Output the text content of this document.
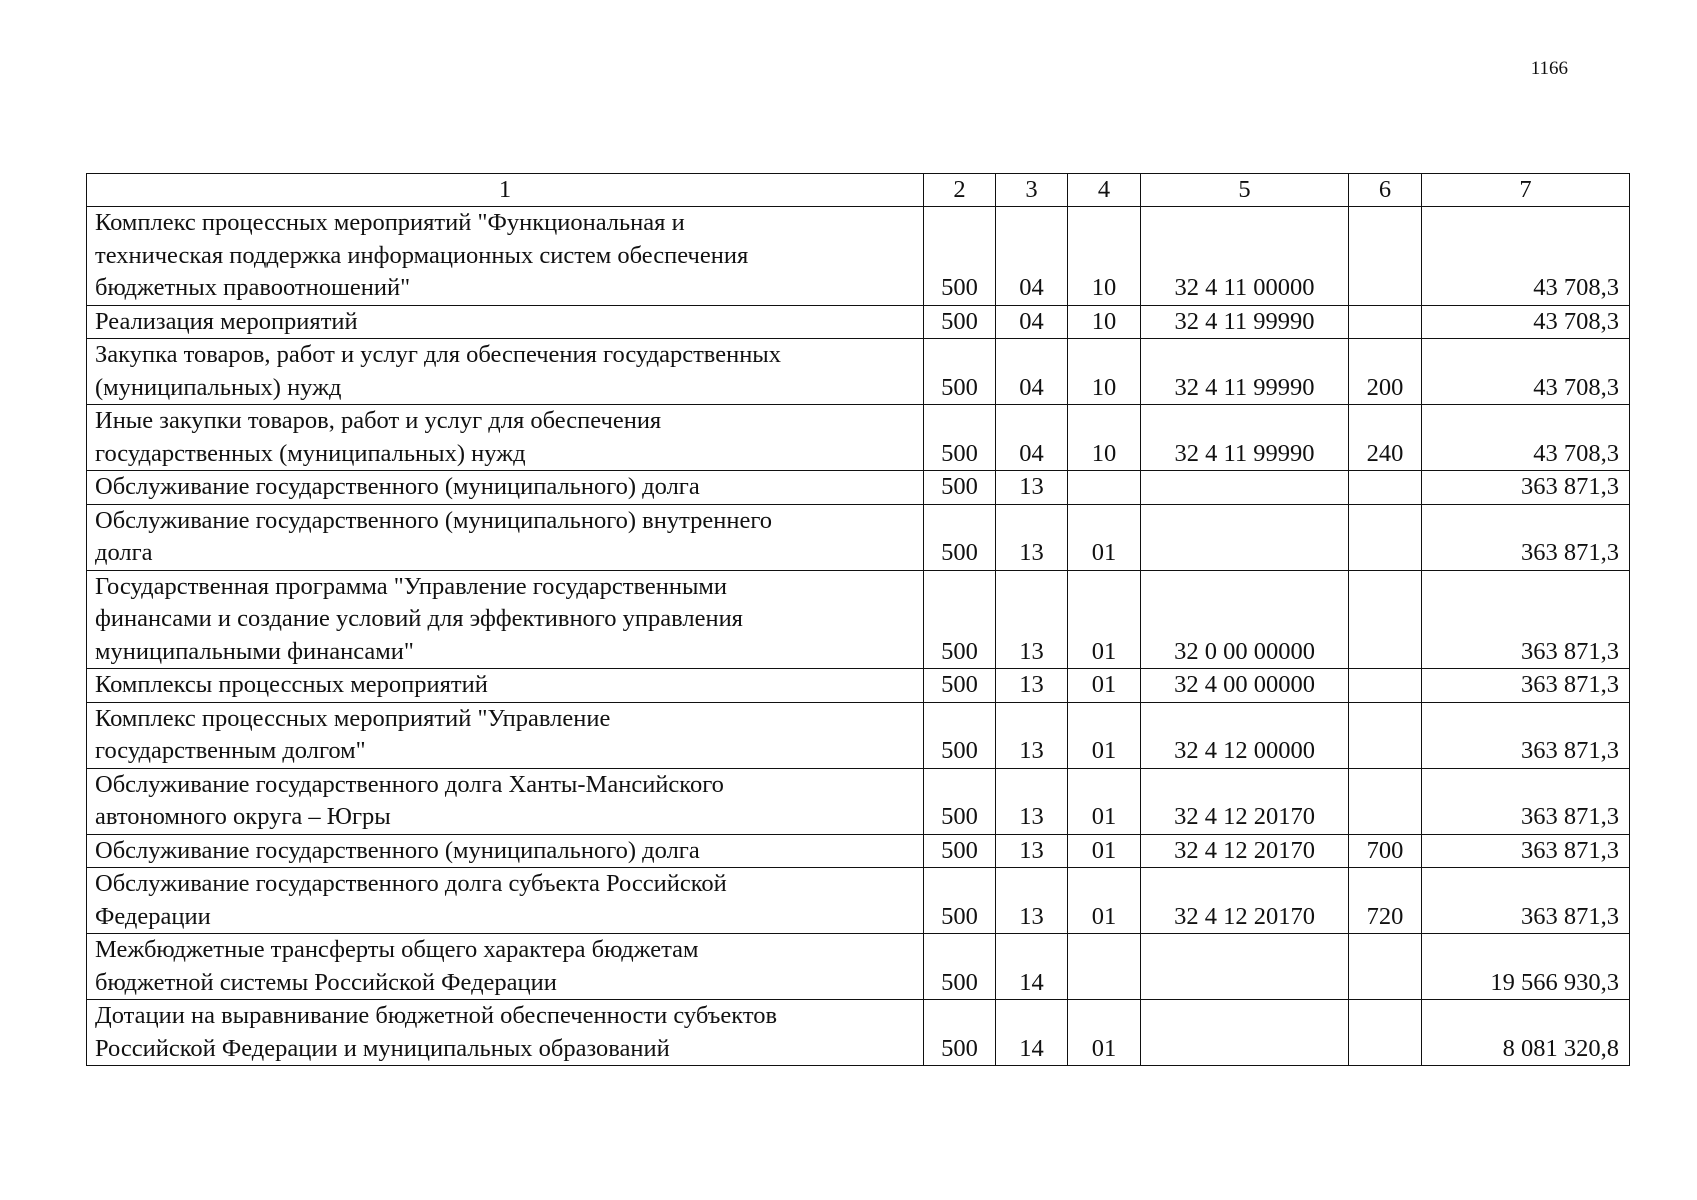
1166
1	2	3	4	5	6	7
Комплекс процессных мероприятий "Функциональная и
техническая поддержка информационных систем обеспечения
бюджетных правоотношений"	500	04	10	32 4 11 00000		43 708,3
Реализация мероприятий	500	04	10	32 4 11 99990		43 708,3
Закупка товаров, работ и услуг для обеспечения государственных
(муниципальных) нужд	500	04	10	32 4 11 99990	200	43 708,3
Иные закупки товаров, работ и услуг для обеспечения
государственных (муниципальных) нужд	500	04	10	32 4 11 99990	240	43 708,3
Обслуживание государственного (муниципального) долга	500	13				363 871,3
Обслуживание государственного (муниципального) внутреннего
долга	500	13	01			363 871,3
Государственная программа "Управление государственными
финансами и создание условий для эффективного управления
муниципальными финансами"	500	13	01	32 0 00 00000		363 871,3
Комплексы процессных мероприятий	500	13	01	32 4 00 00000		363 871,3
Комплекс процессных мероприятий "Управление
государственным долгом"	500	13	01	32 4 12 00000		363 871,3
Обслуживание государственного долга Ханты-Мансийского
автономного округа – Югры	500	13	01	32 4 12 20170		363 871,3
Обслуживание государственного (муниципального) долга	500	13	01	32 4 12 20170	700	363 871,3
Обслуживание государственного долга субъекта Российской
Федерации	500	13	01	32 4 12 20170	720	363 871,3
Межбюджетные трансферты общего характера бюджетам
бюджетной системы Российской Федерации	500	14				19 566 930,3
Дотации на выравнивание бюджетной обеспеченности субъектов
Российской Федерации и муниципальных образований	500	14	01			8 081 320,8
